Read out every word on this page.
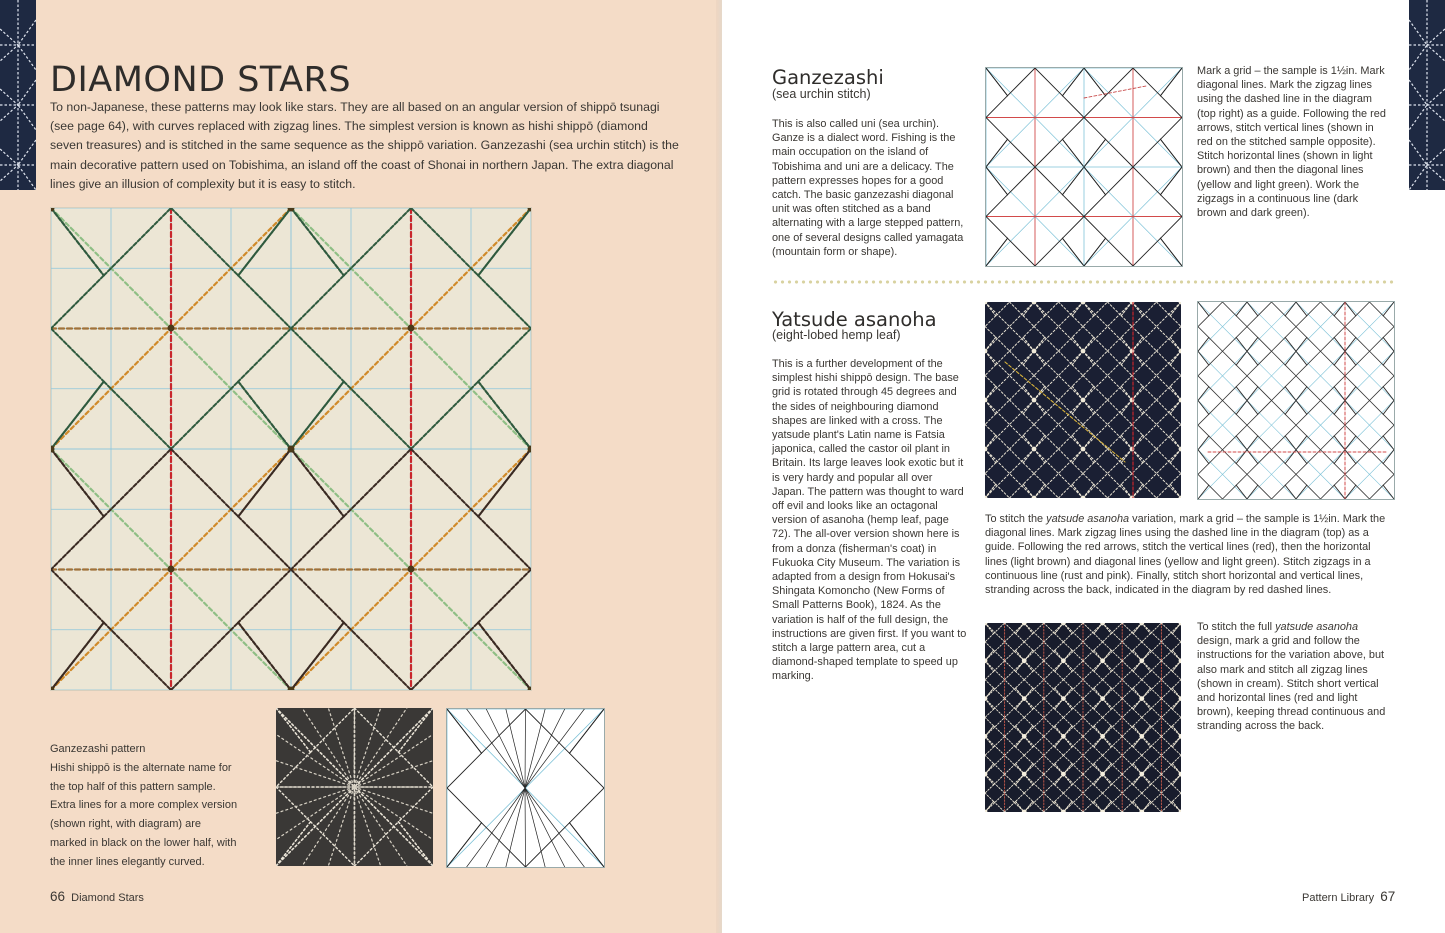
DIAMOND STARS

To non-Japanese, these patterns may look like stars. They are all based on an angular version of shippō tsunagi (see page 64), with curves replaced with zigzag lines. The simplest version is known as hishi shippō (diamond seven treasures) and is stitched in the same sequence as the shippō variation. Ganzezashi (sea urchin stitch) is the main decorative pattern used on Tobishima, an island off the coast of Shonai in northern Japan. The extra diagonal lines give an illusion of complexity but it is easy to stitch.

Ganzezashi pattern
Hishi shippō is the alternate name for the top half of this pattern sample. Extra lines for a more complex version (shown right, with diagram) are marked in black on the lower half, with the inner lines elegantly curved.

66 Diamond Stars

Ganzezashi

(sea urchin stitch)

This is also called uni (sea urchin). Ganze is a dialect word. Fishing is the main occupation on the island of Tobishima and uni are a delicacy. The pattern expresses hopes for a good catch. The basic ganzezashi diagonal unit was often stitched as a band alternating with a large stepped pattern, one of several designs called yamagata (mountain form or shape).

Mark a grid – the sample is 1½in. Mark diagonal lines. Mark the zigzag lines using the dashed line in the diagram (top right) as a guide. Following the red arrows, stitch vertical lines (shown in red on the stitched sample opposite). Stitch horizontal lines (shown in light brown) and then the diagonal lines (yellow and light green). Work the zigzags in a continuous line (dark brown and dark green).

Yatsude asanoha

(eight-lobed hemp leaf)

This is a further development of the simplest hishi shippō design. The base grid is rotated through 45 degrees and the sides of neighbouring diamond shapes are linked with a cross. The yatsude plant's Latin name is Fatsia japonica, called the castor oil plant in Britain. Its large leaves look exotic but it is very hardy and popular all over Japan. The pattern was thought to ward off evil and looks like an octagonal version of asanoha (hemp leaf, page 72). The all-over version shown here is from a donza (fisherman's coat) in Fukuoka City Museum. The variation is adapted from a design from Hokusai's Shingata Komoncho (New Forms of Small Patterns Book), 1824. As the variation is half of the full design, the instructions are given first. If you want to stitch a large pattern area, cut a diamond-shaped template to speed up marking.

To stitch the yatsude asanoha variation, mark a grid – the sample is 1½in. Mark the diagonal lines. Mark zigzag lines using the dashed line in the diagram (top) as a guide. Following the red arrows, stitch the vertical lines (red), then the horizontal lines (light brown) and diagonal lines (yellow and light green). Stitch zigzags in a continuous line (rust and pink). Finally, stitch short horizontal and vertical lines, stranding across the back, indicated in the diagram by red dashed lines.

To stitch the full yatsude asanoha design, mark a grid and follow the instructions for the variation above, but also mark and stitch all zigzag lines (shown in cream). Stitch short vertical and horizontal lines (red and light brown), keeping thread continuous and stranding across the back.

Pattern Library 67
